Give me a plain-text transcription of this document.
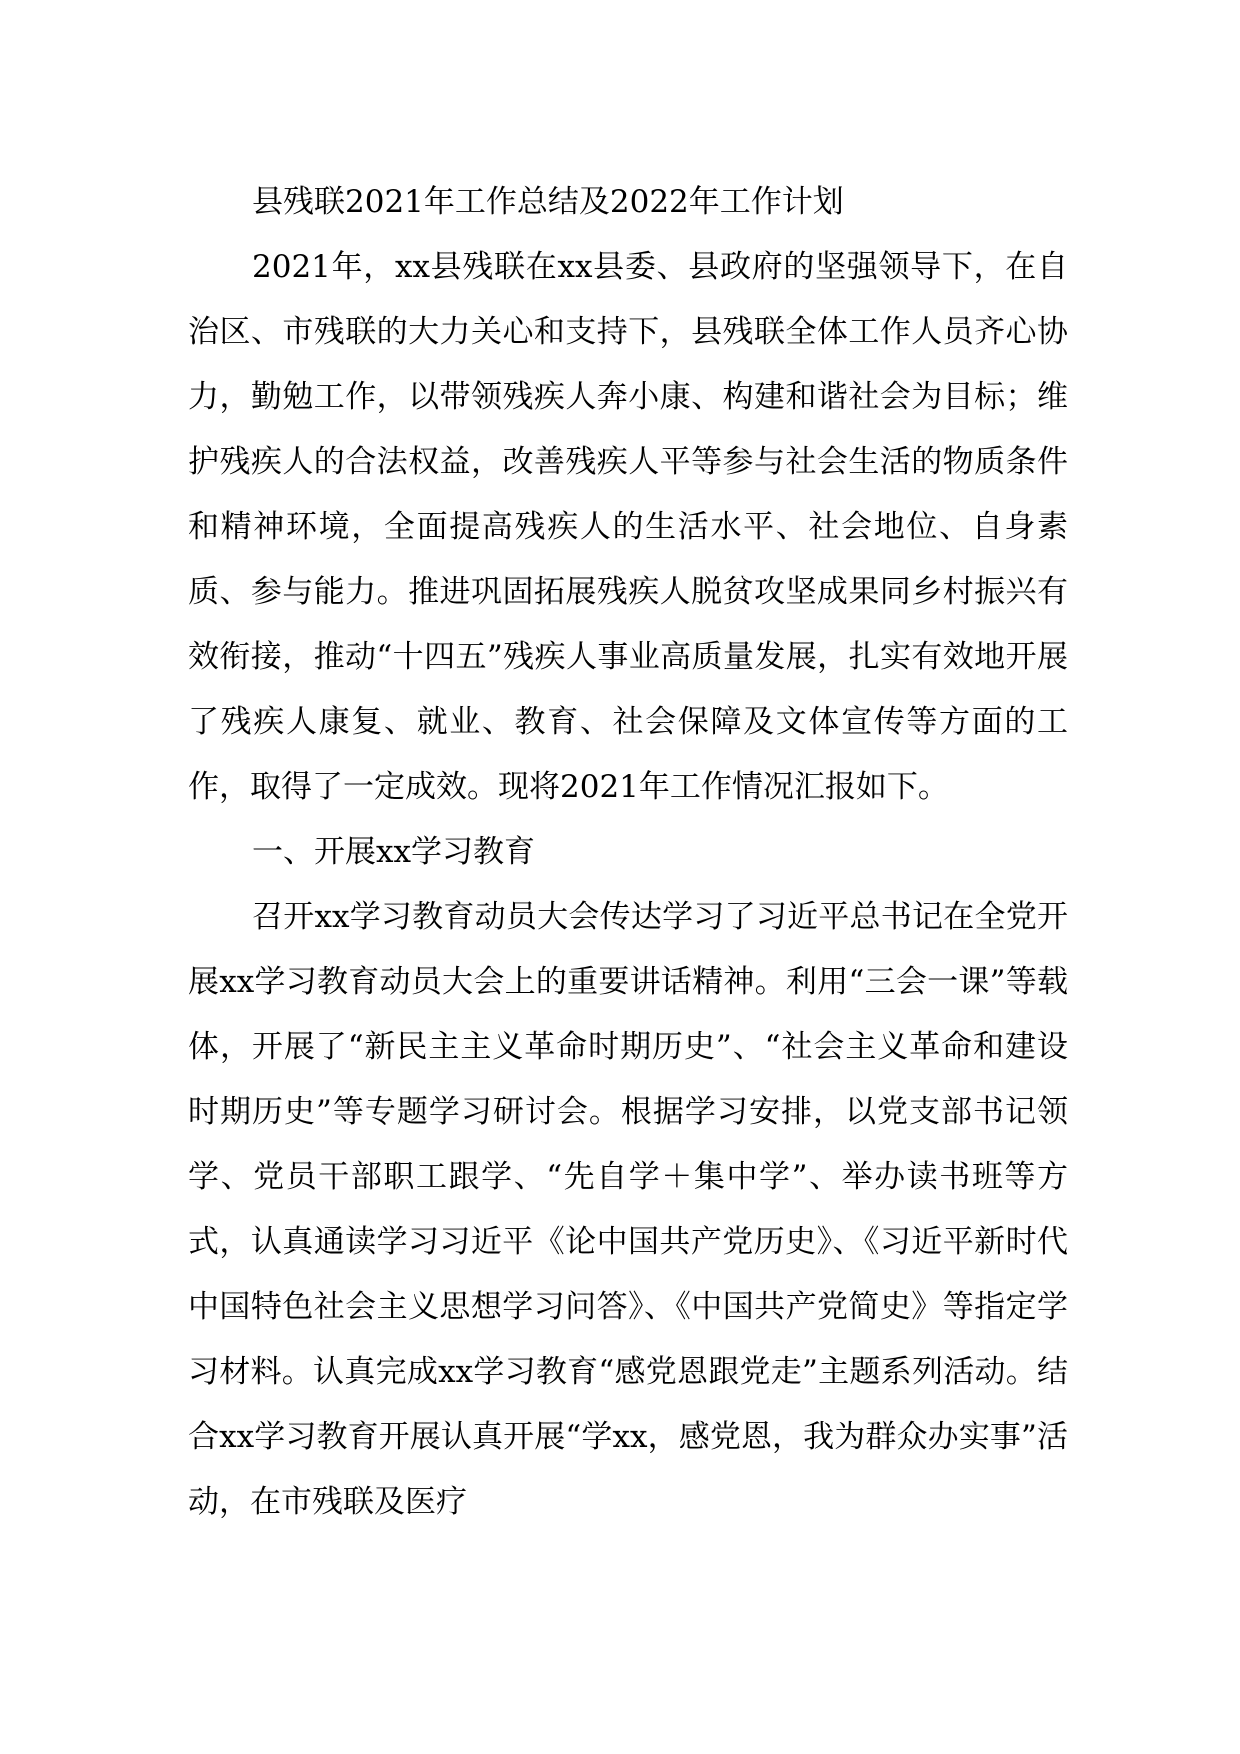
县残联2021年工作总结及2022年工作计划

2021年，xx县残联在xx县委、县政府的坚强领导下，在自治区、市残联的大力关心和支持下，县残联全体工作人员齐心协力，勤勉工作，以带领残疾人奔小康、构建和谐社会为目标；维护残疾人的合法权益，改善残疾人平等参与社会生活的物质条件和精神环境，全面提高残疾人的生活水平、社会地位、自身素质、参与能力。推进巩固拓展残疾人脱贫攻坚成果同乡村振兴有效衔接，推动“十四五”残疾人事业高质量发展，扎实有效地开展了残疾人康复、就业、教育、社会保障及文体宣传等方面的工作，取得了一定成效。现将2021年工作情况汇报如下。

一、开展xx学习教育

召开xx学习教育动员大会传达学习了习近平总书记在全党开展xx学习教育动员大会上的重要讲话精神。利用“三会一课”等载体，开展了“新民主主义革命时期历史”、“社会主义革命和建设时期历史”等专题学习研讨会。根据学习安排，以党支部书记领学、党员干部职工跟学、“先自学＋集中学”、举办读书班等方式，认真通读学习习近平《论中国共产党历史》、《习近平新时代中国特色社会主义思想学习问答》、《中国共产党简史》等指定学习材料。认真完成xx学习教育“感党恩跟党走”主题系列活动。结合xx学习教育开展认真开展“学xx，感党恩，我为群众办实事”活动，在市残联及医疗
